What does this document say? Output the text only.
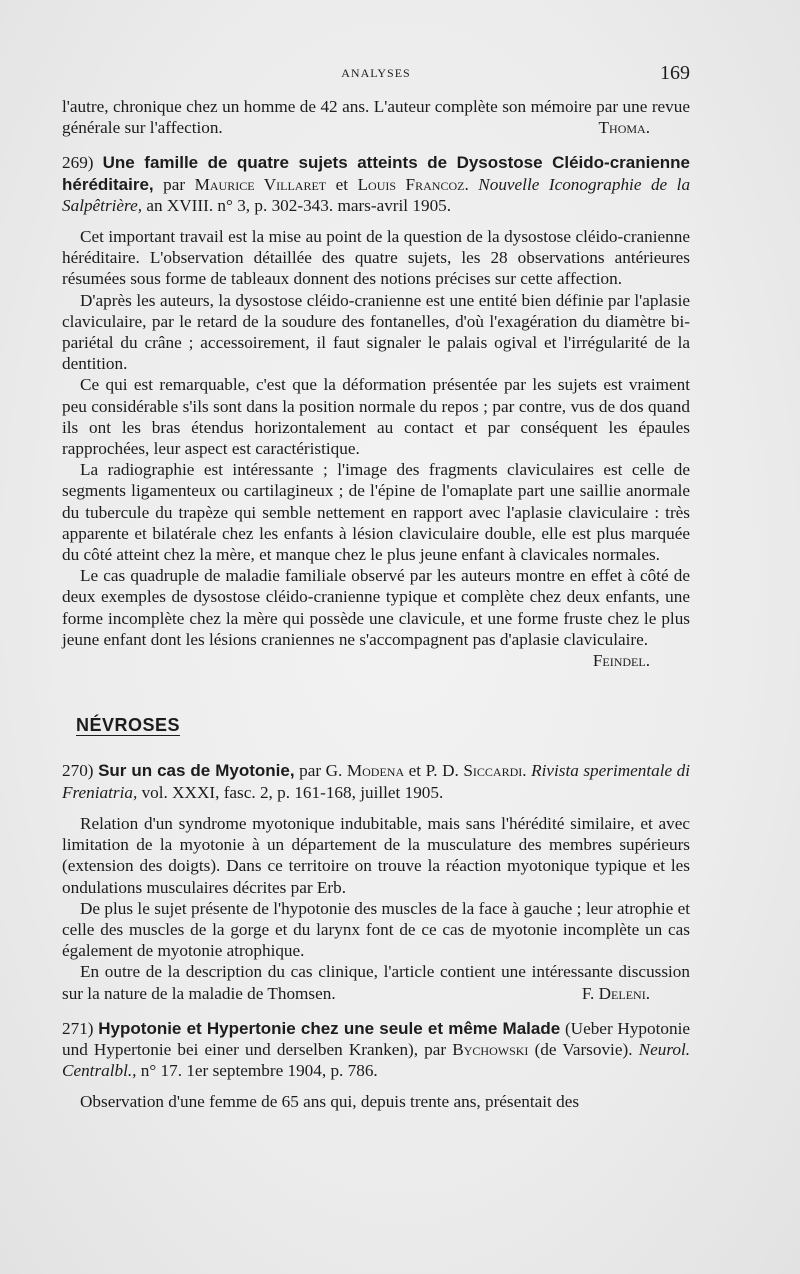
ANALYSES	169

l'autre, chronique chez un homme de 42 ans. L'auteur complète son mémoire par une revue générale sur l'affection.	Thoma.

269) Une famille de quatre sujets atteints de Dysostose Cléido-cranienne héréditaire, par Maurice Villaret et Louis Francoz. Nouvelle Iconographie de la Salpêtrière, an XVIII. n° 3, p. 302-343. mars-avril 1905.

Cet important travail est la mise au point de la question de la dysostose cléido-cranienne héréditaire. L'observation détaillée des quatre sujets, les 28 observations antérieures résumées sous forme de tableaux donnent des notions précises sur cette affection.

D'après les auteurs, la dysostose cléido-cranienne est une entité bien définie par l'aplasie claviculaire, par le retard de la soudure des fontanelles, d'où l'exagération du diamètre bi-pariétal du crâne ; accessoirement, il faut signaler le palais ogival et l'irrégularité de la dentition.

Ce qui est remarquable, c'est que la déformation présentée par les sujets est vraiment peu considérable s'ils sont dans la position normale du repos ; par contre, vus de dos quand ils ont les bras étendus horizontalement au contact et par conséquent les épaules rapprochées, leur aspect est caractéristique.

La radiographie est intéressante ; l'image des fragments claviculaires est celle de segments ligamenteux ou cartilagineux ; de l'épine de l'omaplate part une saillie anormale du tubercule du trapèze qui semble nettement en rapport avec l'aplasie claviculaire : très apparente et bilatérale chez les enfants à lésion claviculaire double, elle est plus marquée du côté atteint chez la mère, et manque chez le plus jeune enfant à clavicales normales.

Le cas quadruple de maladie familiale observé par les auteurs montre en effet à côté de deux exemples de dysostose cléido-cranienne typique et complète chez deux enfants, une forme incomplète chez la mère qui possède une clavicule, et une forme fruste chez le plus jeune enfant dont les lésions craniennes ne s'accompagnent pas d'aplasie claviculaire.
Feindel.

NÉVROSES

270) Sur un cas de Myotonie, par G. Modena et P. D. Siccardi. Rivista sperimentale di Freniatria, vol. XXXI, fasc. 2, p. 161-168, juillet 1905.

Relation d'un syndrome myotonique indubitable, mais sans l'hérédité similaire, et avec limitation de la myotonie à un département de la musculature des membres supérieurs (extension des doigts). Dans ce territoire on trouve la réaction myotonique typique et les ondulations musculaires décrites par Erb.

De plus le sujet présente de l'hypotonie des muscles de la face à gauche ; leur atrophie et celle des muscles de la gorge et du larynx font de ce cas de myotonie incomplète un cas également de myotonie atrophique.

En outre de la description du cas clinique, l'article contient une intéressante discussion sur la nature de la maladie de Thomsen.	F. Deleni.

271) Hypotonie et Hypertonie chez une seule et même Malade (Ueber Hypotonie und Hypertonie bei einer und derselben Kranken), par Bychowski (de Varsovie). Neurol. Centralbl., n° 17. 1er septembre 1904, p. 786.

Observation d'une femme de 65 ans qui, depuis trente ans, présentait des
